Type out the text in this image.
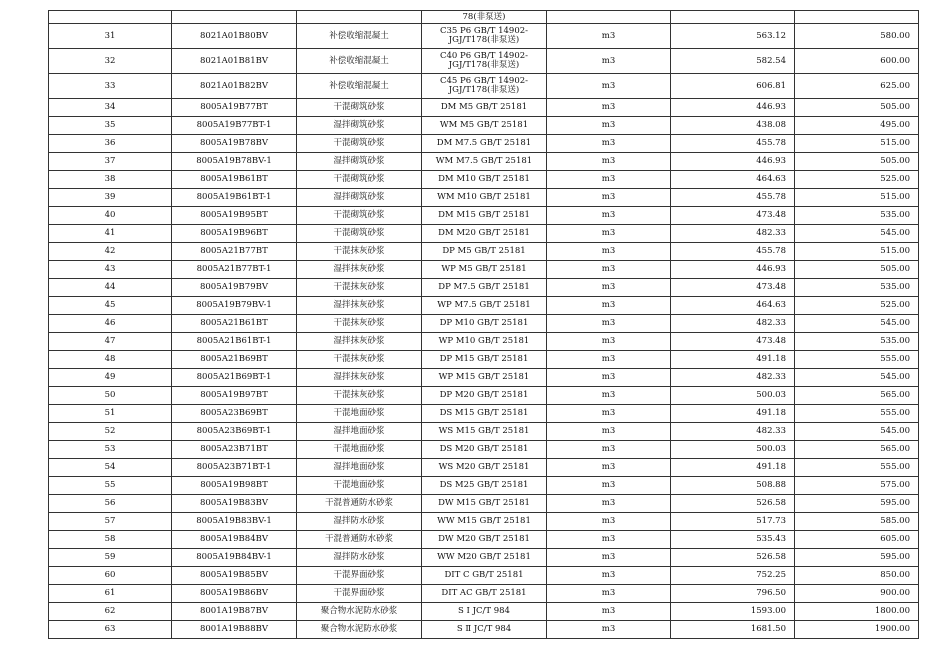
			78(非泵送)			
31	8021A01B80BV	补偿收缩混凝土	C35 P6 GB/T 14902-JGJ/T178(非泵送)	m3	563.12	580.00
32	8021A01B81BV	补偿收缩混凝土	C40 P6 GB/T 14902-JGJ/T178(非泵送)	m3	582.54	600.00
33	8021A01B82BV	补偿收缩混凝土	C45 P6 GB/T 14902-JGJ/T178(非泵送)	m3	606.81	625.00
34	8005A19B77BT	干混砌筑砂浆	DM M5 GB/T 25181	m3	446.93	505.00
35	8005A19B77BT-1	湿拌砌筑砂浆	WM M5 GB/T 25181	m3	438.08	495.00
36	8005A19B78BV	干混砌筑砂浆	DM M7.5 GB/T 25181	m3	455.78	515.00
37	8005A19B78BV-1	湿拌砌筑砂浆	WM M7.5 GB/T 25181	m3	446.93	505.00
38	8005A19B61BT	干混砌筑砂浆	DM M10 GB/T 25181	m3	464.63	525.00
39	8005A19B61BT-1	湿拌砌筑砂浆	WM M10 GB/T 25181	m3	455.78	515.00
40	8005A19B95BT	干混砌筑砂浆	DM M15 GB/T 25181	m3	473.48	535.00
41	8005A19B96BT	干混砌筑砂浆	DM M20 GB/T 25181	m3	482.33	545.00
42	8005A21B77BT	干混抹灰砂浆	DP M5 GB/T 25181	m3	455.78	515.00
43	8005A21B77BT-1	湿拌抹灰砂浆	WP M5 GB/T 25181	m3	446.93	505.00
44	8005A19B79BV	干混抹灰砂浆	DP M7.5 GB/T 25181	m3	473.48	535.00
45	8005A19B79BV-1	湿拌抹灰砂浆	WP M7.5 GB/T 25181	m3	464.63	525.00
46	8005A21B61BT	干混抹灰砂浆	DP M10 GB/T 25181	m3	482.33	545.00
47	8005A21B61BT-1	湿拌抹灰砂浆	WP M10 GB/T 25181	m3	473.48	535.00
48	8005A21B69BT	干混抹灰砂浆	DP M15 GB/T 25181	m3	491.18	555.00
49	8005A21B69BT-1	湿拌抹灰砂浆	WP M15 GB/T 25181	m3	482.33	545.00
50	8005A19B97BT	干混抹灰砂浆	DP M20 GB/T 25181	m3	500.03	565.00
51	8005A23B69BT	干混地面砂浆	DS M15 GB/T 25181	m3	491.18	555.00
52	8005A23B69BT-1	湿拌地面砂浆	WS M15 GB/T 25181	m3	482.33	545.00
53	8005A23B71BT	干混地面砂浆	DS M20 GB/T 25181	m3	500.03	565.00
54	8005A23B71BT-1	湿拌地面砂浆	WS M20 GB/T 25181	m3	491.18	555.00
55	8005A19B98BT	干混地面砂浆	DS M25 GB/T 25181	m3	508.88	575.00
56	8005A19B83BV	干混普通防水砂浆	DW M15 GB/T 25181	m3	526.58	595.00
57	8005A19B83BV-1	湿拌防水砂浆	WW M15 GB/T 25181	m3	517.73	585.00
58	8005A19B84BV	干混普通防水砂浆	DW M20 GB/T 25181	m3	535.43	605.00
59	8005A19B84BV-1	湿拌防水砂浆	WW M20 GB/T 25181	m3	526.58	595.00
60	8005A19B85BV	干混界面砂浆	DIT C GB/T 25181	m3	752.25	850.00
61	8005A19B86BV	干混界面砂浆	DIT AC GB/T 25181	m3	796.50	900.00
62	8001A19B87BV	聚合物水泥防水砂浆	S Ⅰ JC/T 984	m3	1593.00	1800.00
63	8001A19B88BV	聚合物水泥防水砂浆	S Ⅱ JC/T 984	m3	1681.50	1900.00
